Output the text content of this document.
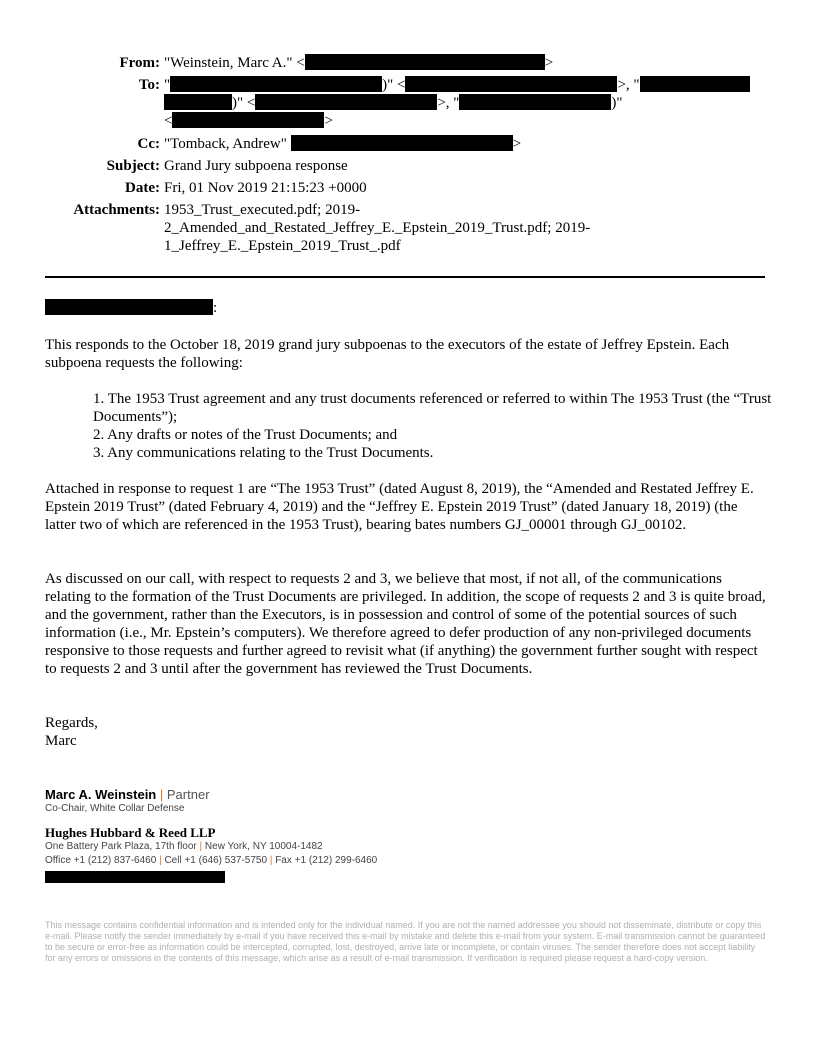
From: "Weinstein, Marc A." <	>
To: "	)" <	>, "
)" <	>, "	)"
<	>
Cc: "Tomback, Andrew"	>
Subject: Grand Jury subpoena response
Date: Fri, 01 Nov 2019 21:15:23 +0000
Attachments: 1953_Trust_executed.pdf; 2019-
2_Amended_and_Restated_Jeffrey_E._Epstein_2019_Trust.pdf; 2019-
1_Jeffrey_E._Epstein_2019_Trust_.pdf
:

This responds to the October 18, 2019 grand jury subpoenas to the executors of the estate of Jeffrey Epstein. Each subpoena requests the following:

1. The 1953 Trust agreement and any trust documents referenced or referred to within The 1953 Trust (the “Trust Documents”);
2. Any drafts or notes of the Trust Documents; and
3. Any communications relating to the Trust Documents.

Attached in response to request 1 are “The 1953 Trust” (dated August 8, 2019), the “Amended and Restated Jeffrey E. Epstein 2019 Trust” (dated February 4, 2019) and the “Jeffrey E. Epstein 2019 Trust” (dated January 18, 2019) (the latter two of which are referenced in the 1953 Trust), bearing bates numbers GJ_00001 through GJ_00102.

As discussed on our call, with respect to requests 2 and 3, we believe that most, if not all, of the communications relating to the formation of the Trust Documents are privileged. In addition, the scope of requests 2 and 3 is quite broad, and the government, rather than the Executors, is in possession and control of some of the potential sources of such information (i.e., Mr. Epstein’s computers). We therefore agreed to defer production of any non-privileged documents responsive to those requests and further agreed to revisit what (if anything) the government further sought with respect to requests 2 and 3 until after the government has reviewed the Trust Documents.

Regards,

Marc

Marc A. Weinstein | Partner
Co-Chair, White Collar Defense
Hughes Hubbard & Reed LLP
One Battery Park Plaza, 17th floor | New York, NY 10004-1482
Office +1 (212) 837-6460 | Cell +1 (646) 537-5750 | Fax +1 (212) 299-6460
This message contains confidential information and is intended only for the individual named. If you are not the named addressee you should not disseminate, distribute or copy this e-mail. Please notify the sender immediately by e-mail if you have received this e-mail by mistake and delete this e-mail from your system. E-mail transmission cannot be guaranteed to be secure or error-free as information could be intercepted, corrupted, lost, destroyed, arrive late or incomplete, or contain viruses. The sender therefore does not accept liability for any errors or omissions in the contents of this message, which arise as a result of e-mail transmission. If verification is required please request a hard-copy version.
